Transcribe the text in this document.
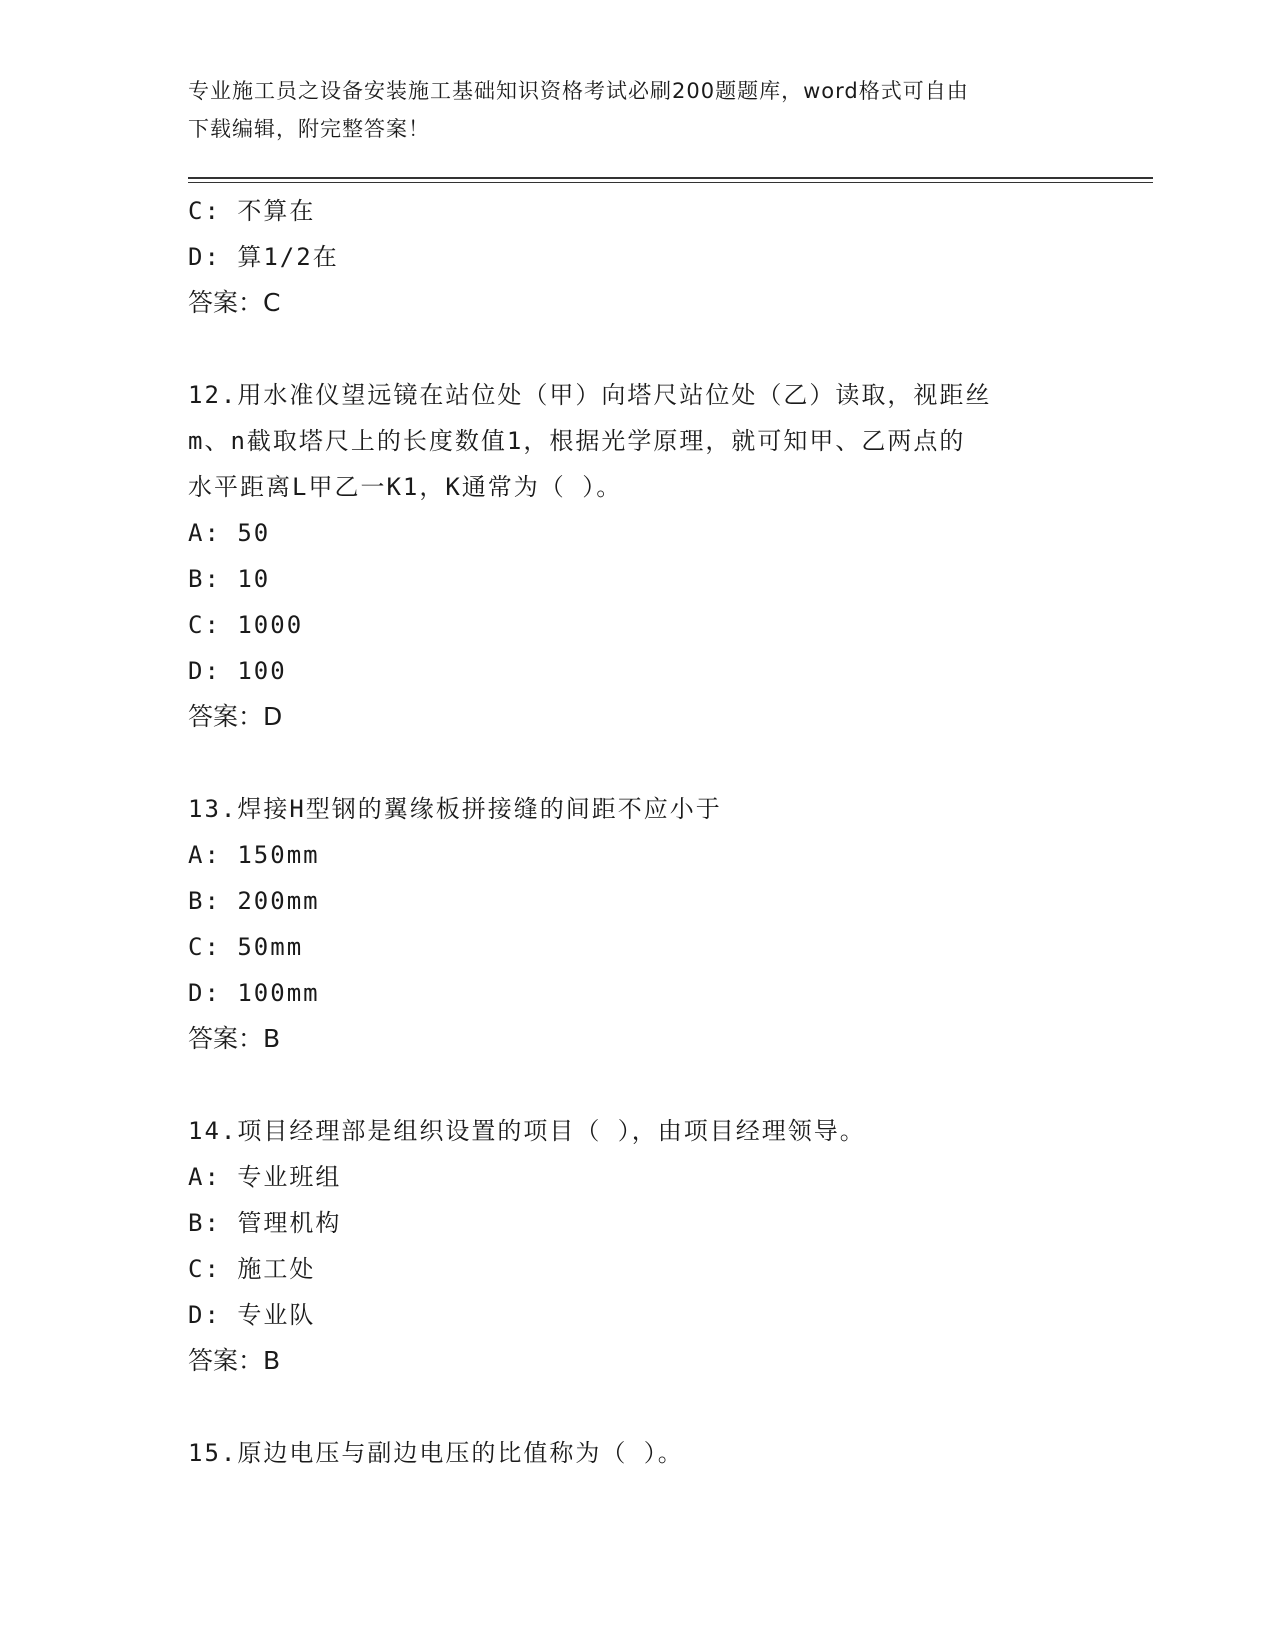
专业施工员之设备安装施工基础知识资格考试必刷200题题库，word格式可自由
下载编辑，附完整答案！
C: 不算在
D: 算1/2在
答案：C
12.用水准仪望远镜在站位处（甲）向塔尺站位处（乙）读取，视距丝
m、n截取塔尺上的长度数值1，根据光学原理，就可知甲、乙两点的
水平距离L甲乙一K1，K通常为（ ）。
A: 50
B: 10
C: 1000
D: 100
答案：D
13.焊接H型钢的翼缘板拼接缝的间距不应小于
A: 150mm
B: 200mm
C: 50mm
D: 100mm
答案：B
14.项目经理部是组织设置的项目（ ），由项目经理领导。
A: 专业班组
B: 管理机构
C: 施工处
D: 专业队
答案：B
15.原边电压与副边电压的比值称为（ ）。
